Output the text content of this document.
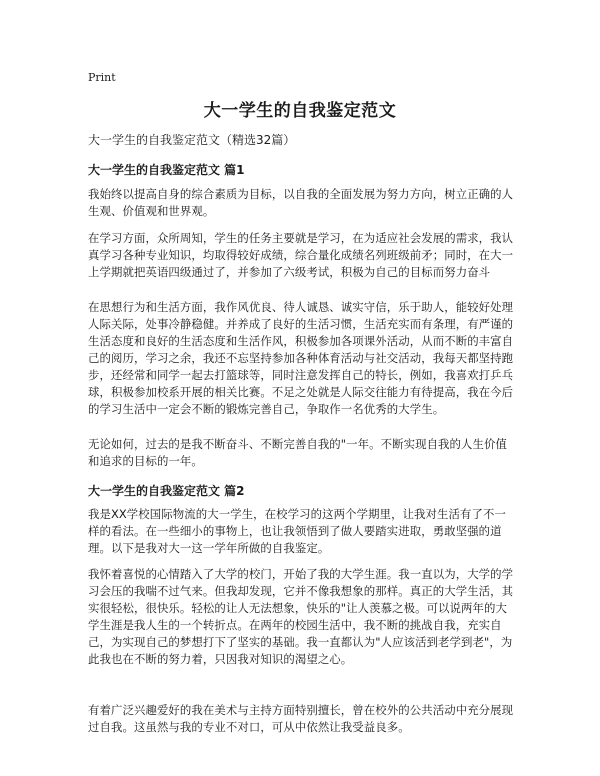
Print
大一学生的自我鉴定范文
大一学生的自我鉴定范文（精选32篇）
大一学生的自我鉴定范文 篇1

我始终以提高自身的综合素质为目标，以自我的全面发展为努力方向，树立正确的人生观、价值观和世界观。

在学习方面，众所周知，学生的任务主要就是学习，在为适应社会发展的需求，我认真学习各种专业知识，均取得较好成绩，综合量化成绩名列班级前矛；同时，在大一上学期就把英语四级通过了，并参加了六级考试，积极为自己的目标而努力奋斗

在思想行为和生活方面，我作风优良、待人诚恳、诚实守信，乐于助人，能较好处理人际关际，处事冷静稳健。并养成了良好的生活习惯，生活充实而有条理，有严谨的生活态度和良好的生活态度和生活作风，积极参加各项课外活动，从而不断的丰富自己的阅历，学习之余，我还不忘坚持参加各种体育活动与社交活动，我每天都坚持跑步，还经常和同学一起去打篮球等，同时注意发挥自己的特长，例如，我喜欢打乒乓球，积极参加校系开展的相关比赛。不足之处就是人际交往能力有待提高，我在今后的学习生活中一定会不断的锻炼完善自己，争取作一名优秀的大学生。

无论如何，过去的是我不断奋斗、不断完善自我的"一年。不断实现自我的人生价值和追求的目标的一年。

大一学生的自我鉴定范文 篇2

我是XX学校国际物流的大一学生，在校学习的这两个学期里，让我对生活有了不一样的看法。在一些细小的事物上，也让我领悟到了做人要踏实进取，勇敢坚强的道理。以下是我对大一这一学年所做的自我鉴定。

我怀着喜悦的心情踏入了大学的校门，开始了我的大学生涯。我一直以为，大学的学习会压的我喘不过气来。但我却发现，它并不像我想象的那样。真正的大学生活，其实很轻松，很快乐。轻松的让人无法想象，快乐的"让人羡慕之极。可以说两年的大学生涯是我人生的一个转折点。在两年的校园生活中，我不断的挑战自我，充实自己，为实现自己的梦想打下了坚实的基础。我一直都认为"人应该活到老学到老"，为此我也在不断的努力着，只因我对知识的渴望之心。

有着广泛兴趣爱好的我在美术与主持方面特别擅长，曾在校外的公共活动中充分展现过自我。这虽然与我的专业不对口，可从中依然让我受益良多。
